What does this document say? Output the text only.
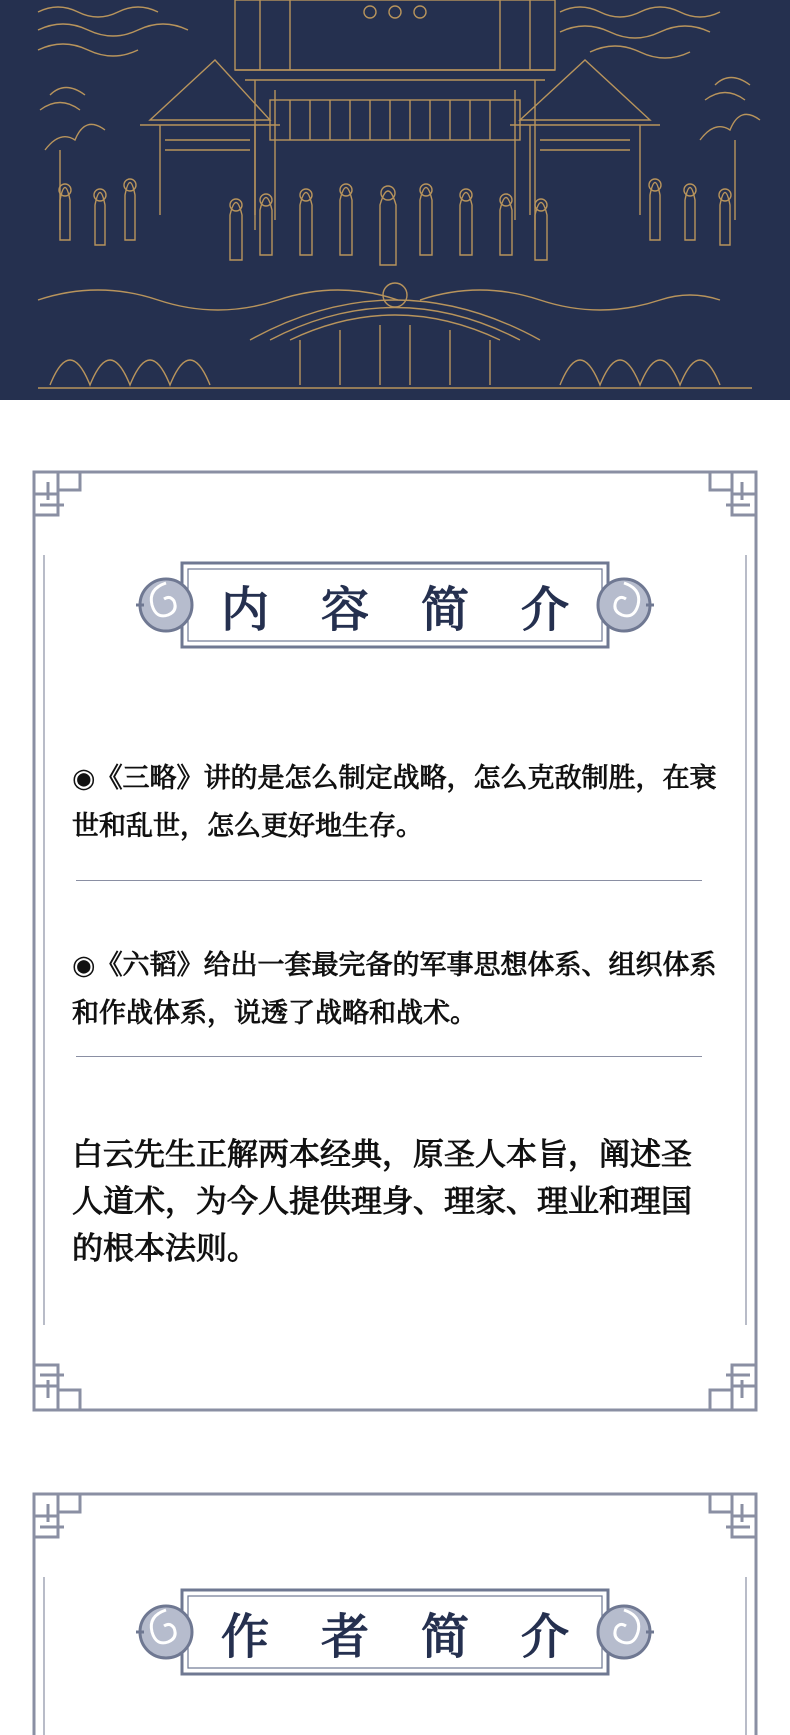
内容简介

◉《三略》讲的是怎么制定战略，怎么克敌制胜，在衰世和乱世，怎么更好地生存。

◉《六韬》给出一套最完备的军事思想体系、组织体系和作战体系，说透了战略和战术。

白云先生正解两本经典，原圣人本旨，阐述圣人道术，为今人提供理身、理家、理业和理国的根本法则。

作者简介
